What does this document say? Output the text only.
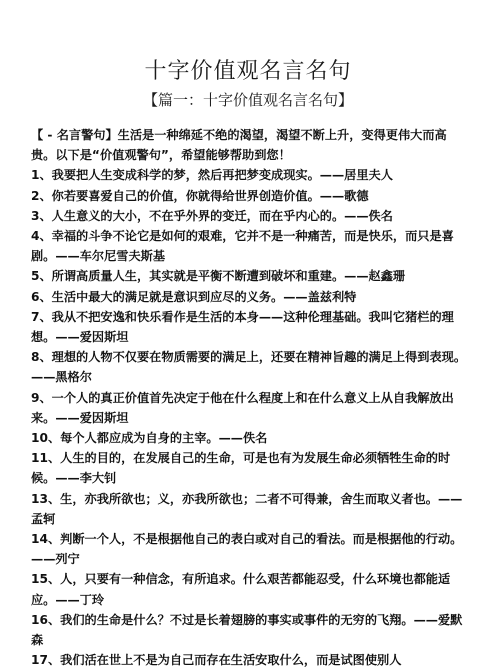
十字价值观名言名句
【篇一：十字价值观名言名句】

【 - 名言警句】生活是一种绵延不绝的渴望，渴望不断上升，变得更伟大而高贵。以下是“价值观警句”，希望能够帮助到您！

1、我要把人生变成科学的梦，然后再把梦变成现实。——居里夫人

2、你若要喜爱自己的价值，你就得给世界创造价值。——歌德

3、人生意义的大小，不在乎外界的变迁，而在乎内心的。——佚名

4、幸福的斗争不论它是如何的艰难，它并不是一种痛苦，而是快乐，而只是喜剧。——车尔尼雪夫斯基

5、所谓高质量人生，其实就是平衡不断遭到破坏和重建。——赵鑫珊

6、生活中最大的满足就是意识到应尽的义务。——盖兹利特

7、我从不把安逸和快乐看作是生活的本身——这种伦理基础。我叫它猪栏的理想。——爱因斯坦

8、理想的人物不仅要在物质需要的满足上，还要在精神旨趣的满足上得到表现。——黑格尔

9、一个人的真正价值首先决定于他在什么程度上和在什么意义上从自我解放出来。——爱因斯坦

10、每个人都应成为自身的主宰。——佚名

11、人生的目的，在发展自己的生命，可是也有为发展生命必须牺牲生命的时候。——李大钊

13、生，亦我所欲也；义，亦我所欲也；二者不可得兼，舍生而取义者也。——孟轲

14、判断一个人，不是根据他自己的表白或对自己的看法。而是根据他的行动。——列宁

15、人，只要有一种信念，有所追求。什么艰苦都能忍受，什么环境也都能适应。——丁玲

16、我们的生命是什么？不过是长着翅膀的事实或事件的无穷的飞翔。——爱默森

17、我们活在世上不是为自己而存在生活安取什么，而是试图使别人
